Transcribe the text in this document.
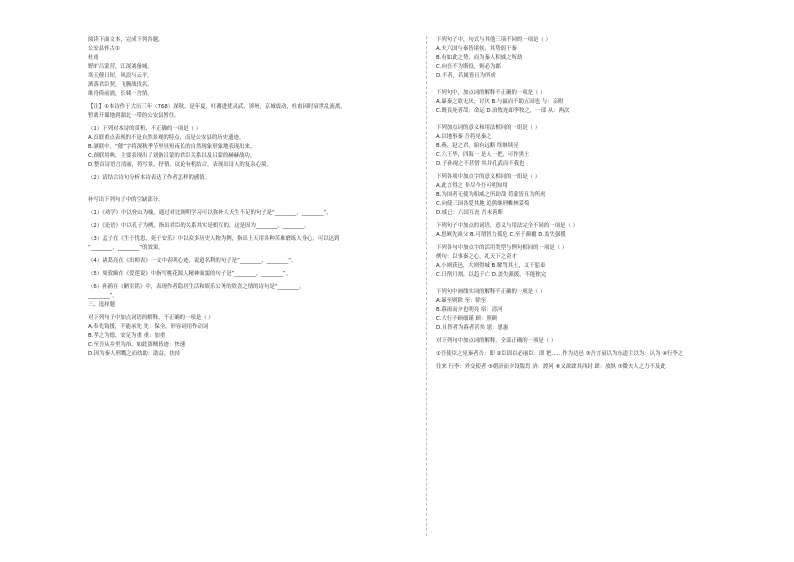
阅读下面文本，完成下列各题。
公安县怀古①
杜甫
野旷吕蒙营，江深刘备城。
寒天催日短，风浪与云平。
洒落君臣契，飞腾战伐名。
维舟倚前浦，长啸一含情。
【注】①本诗作于大历三年（768）深秋。是年夏，吐蕃进扰灵武、邠州，京城震动，杜甫因时衰世乱流离，
暂离开蜀地到湖北一带的公安县暂住。
（1）下列对本诗的赏析，不正确的一项是（ ）
A.首联重点表现的不是自然景观的特点，而是公安县的历史遗迹。
B.颔联中，“催”字将深秋季节里昼短夜长的自然现象形象地表现出来。
C.颈联用典，主要表现出了刘备吕蒙的君臣关系以及吕蒙的赫赫战功。
D.整首诗语言清丽，将写景、抒情、议论有机结合，表现出诗人的复杂心境。
（2）请结合诗句分析本诗表达了作者怎样的感情。
补写出下列句子中的空缺部分。
（1）《劝学》中以登山为喻，通过对比阐明学习可以弥补人天生不足的句子是“________，________”。
（2）《论语》中以孔子为例，指出君臣的关系其实是相互的，这是因为________，________。
（3）孟子在《生于忧患，死于安乐》中以众多历史人物为例，指出上天用各种苦难磨练人身心，可以达到
“________，________”的效果。
（4）诸葛亮在《出师表》一文中表明心迹，说道名利的句子是“________，________”。
（5）周敦颐在《爱莲说》中指写桃花源人精神面貌的句子是“________，________”。
（6）孙鹃在《陋室铭》中，表现作者隐居生活和娱乐公务的欣喜之情的诗句是“________，
________”。
三、选择题
对下列句子中加点词语的解释，不正确的一项是（ ）
A.奉先钩援，不能承先 先：保全，形容词用作动词
B.孝之为德，安足为重 重：加重
C.至吾从乡里为治，如此盗贼皆迹：快速
D.因为秦人刑戮之而幼助：助益，扶持
下列句子中，句式与其他三项不同的一项是（ ）
A.夫六国与秦皆诸侯，其势弱于秦
B.有如此之势，而为秦人积威之所劫
C.向吾不为斯役，则必为郡
D.不者，若属皆且为所虏
下列句中，加点词的解释不正确的一项是（ ）
A.暴秦之欲无厌；讨厌 B.与嬴而不助五国也 与：亲附
C.既良死者哉：命运 D.洎牧连却李牧之，一部 从：两次
下列加点词的意义和用法相同的一组是（ ）
A.以地事秦 吾将见秦之
B.燕、赵之君，始有远略 终继续亮
C.六王毕，四海一 是人一把，可作黑土
D.子孙视之不甚惜 其并孔武而不我也
下列各项中加点字的意义相同的一组是（ ）
A.此言得之 非尽今吾可明知用
B.为国者无使为积威之所劫哉 苟蒙皆且为所虏
C.向使三国各爱其地 追熊继刑帷林妥萄
D.威已：六国互丧 吾未善斯
下列句子中加点的词语，意义与用法完全不同的一项是（ ）
A.思厥先祖父 B.可谓智力孤危 C.至于颠覆 D.盖失强援
下列各句中加点字的活用类型与例句相同的一项是（ ）
例句：以事秦之心，礼天下之奇才
A.小则获邑，大则得城 B.解驾其土，义千脍泰
C.日削月割，以趋于亡 D.盖失强援，不能独完
下列句中画线实词的解释不正确的一项是（ ）
A.暴至则除 至：除至
B.暮雨而夕也明亮 宿：清河
C.大行不顾细谨 顾：照顾
D.且智者为暮者甚矣 恩：恩惠
对下列句中加点词的解释，全部正确的一项是（ ）
①吾使臣之见秦者否：即 ②臣固以必丽臣：即 把……作为边邑 ③吾言衰以为东道主以为：认为 ④行李之
往来 行李：外交使者 ⑤朝济而夕设版焉 济：渡河 ⑥又欲肆其西封 肆：放纵 ⑦微夫人之力不及此
